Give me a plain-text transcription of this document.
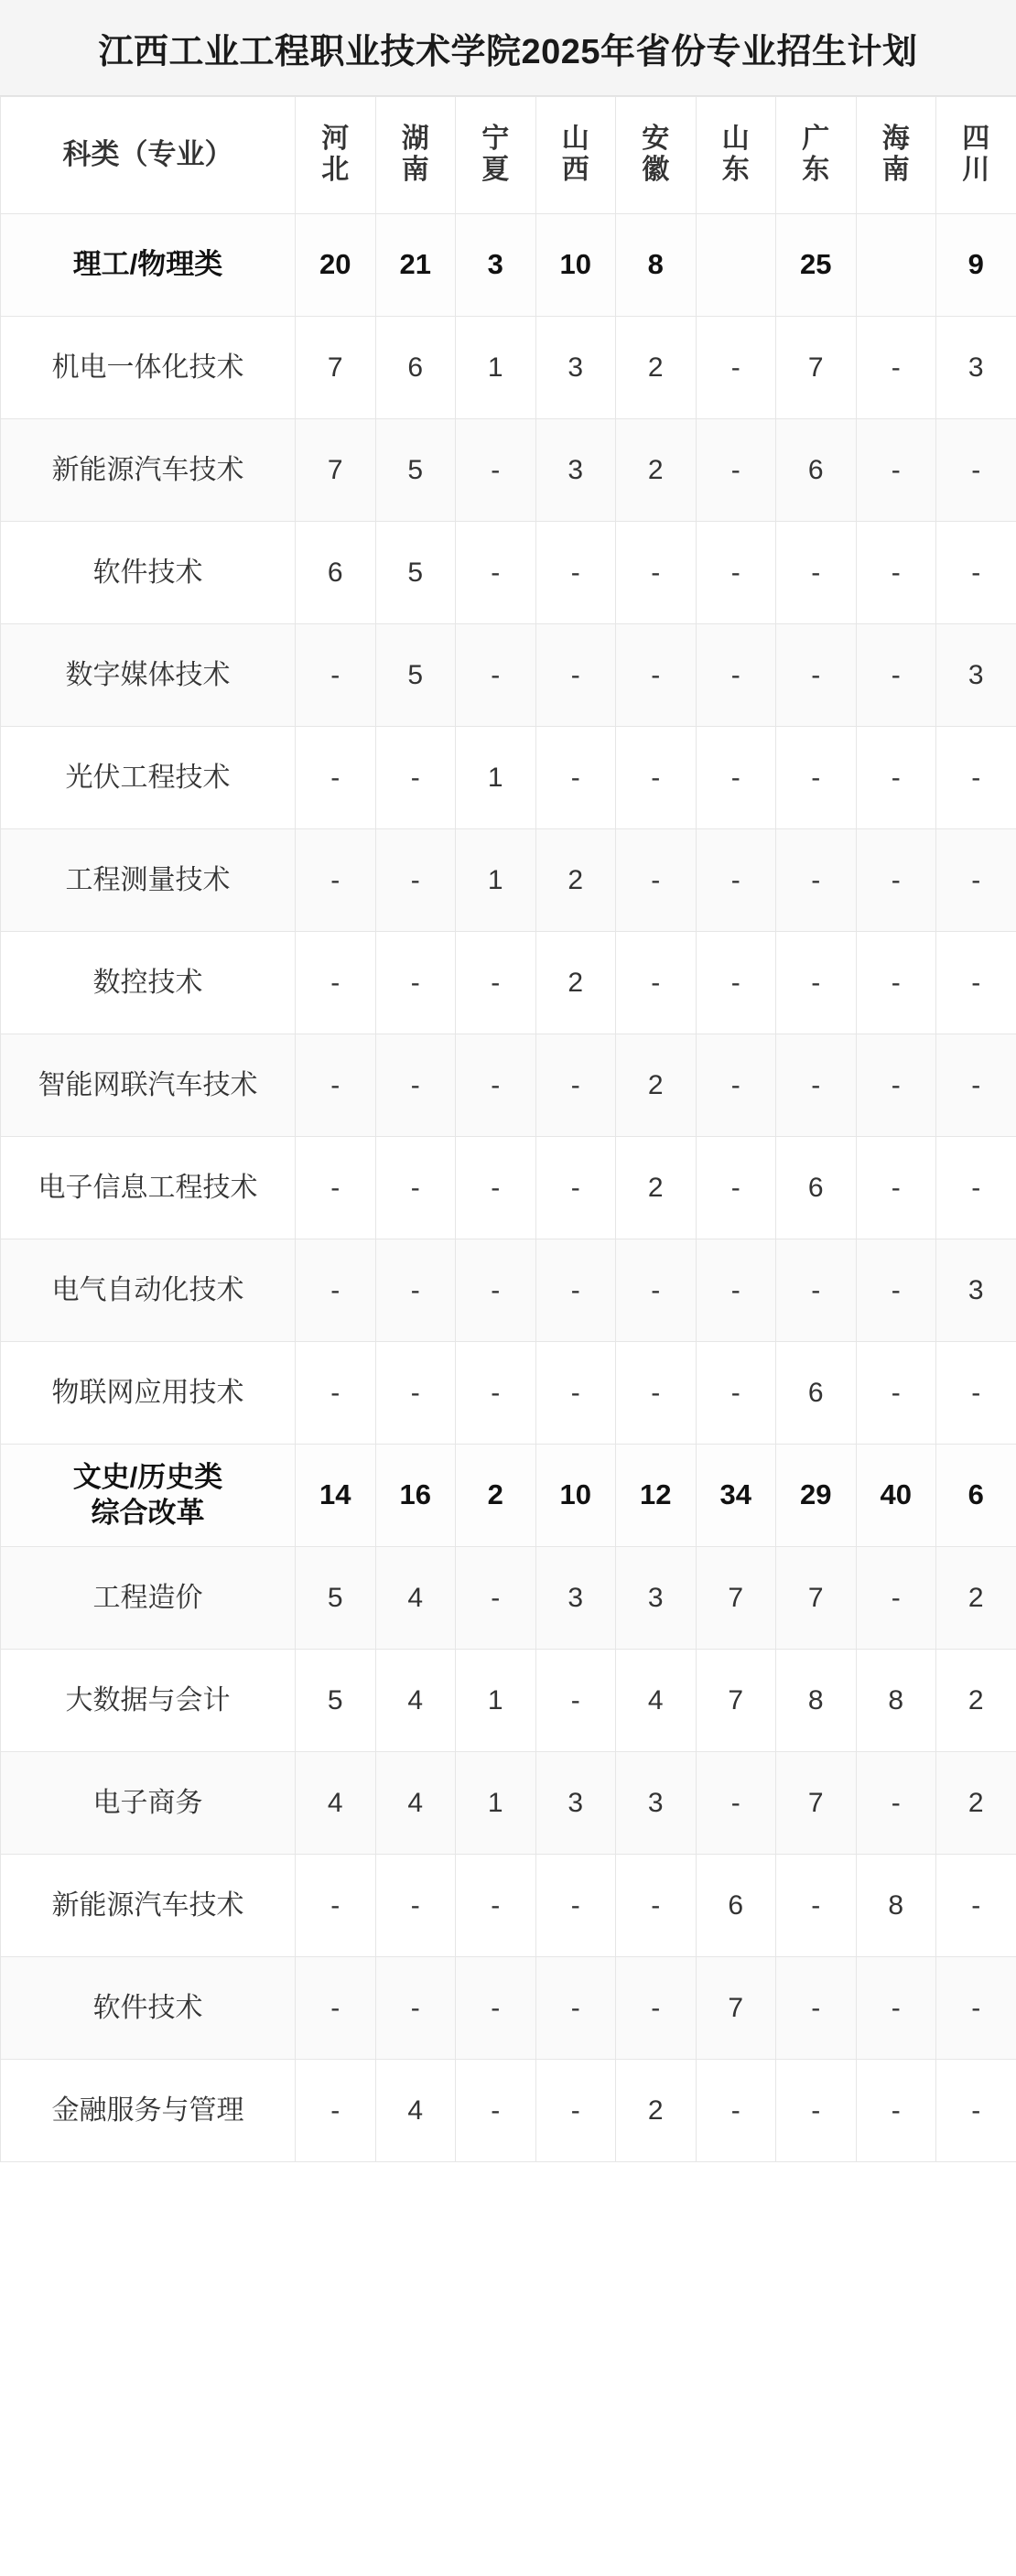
江西工业工程职业技术学院2025年省份专业招生计划
科类（专业）	河北	湖南	宁夏	山西	安徽	山东	广东	海南	四川
理工/物理类	20	21	3	10	8		25		9
机电一体化技术	7	6	1	3	2	-	7	-	3
新能源汽车技术	7	5	-	3	2	-	6	-	-
软件技术	6	5	-	-	-	-	-	-	-
数字媒体技术	-	5	-	-	-	-	-	-	3
光伏工程技术	-	-	1	-	-	-	-	-	-
工程测量技术	-	-	1	2	-	-	-	-	-
数控技术	-	-	-	2	-	-	-	-	-
智能网联汽车技术	-	-	-	-	2	-	-	-	-
电子信息工程技术	-	-	-	-	2	-	6	-	-
电气自动化技术	-	-	-	-	-	-	-	-	3
物联网应用技术	-	-	-	-	-	-	6	-	-
文史/历史类
综合改革	14	16	2	10	12	34	29	40	6
工程造价	5	4	-	3	3	7	7	-	2
大数据与会计	5	4	1	-	4	7	8	8	2
电子商务	4	4	1	3	3	-	7	-	2
新能源汽车技术	-	-	-	-	-	6	-	8	-
软件技术	-	-	-	-	-	7	-	-	-
金融服务与管理	-	4	-	-	2	-	-	-	-
